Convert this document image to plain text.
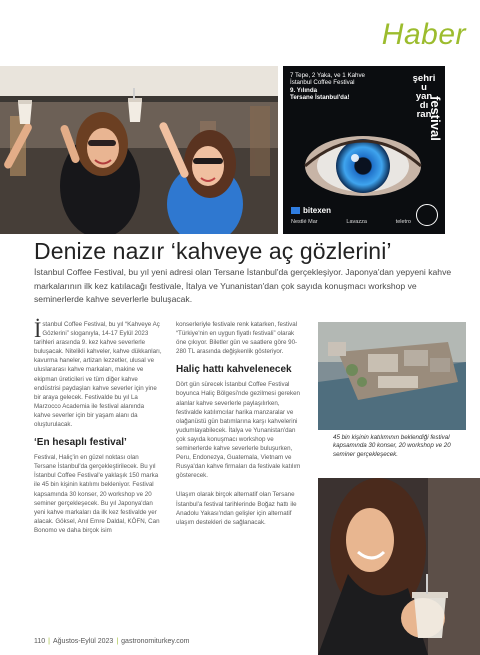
Haber
7 Tepe, 2 Yaka, ve 1 Kahve
İstanbul Coffee Festival
9. Yılında
Tersane İstanbul'da!
şehri
u
yan
dı
ran
festival
bitexen
Nestlé Mar	Lavazza	teletro
Denize nazır ‘kahveye aç gözlerini’
İstanbul Coffee Festival, bu yıl yeni adresi olan Tersane İstanbul'da gerçekleşiyor. Japonya'dan yepyeni kahve markalarının ilk kez katılacağı festivale, İtalya ve Yunanistan'dan çok sayıda konuşmacı workshop ve seminerlerde kahve severlerle buluşacak.

İstanbul Coffee Festival, bu yıl “Kahveye Aç Gözlerini” sloganıyla, 14-17 Eylül 2023 tarihleri arasında 9. kez kahve severlerle buluşacak. Nitelikli kahveler, kahve dükkanları, kavurma haneler, artizan lezzetler, ulusal ve uluslararası kahve markaları, makine ve ekipman üreticileri ve tüm diğer kahve endüstrisi paydaşları kahve severler için yine bir araya gelecek. Festivalde bu yıl La Marzocco Academia ile festival alanında kahve severler için bir yaşam alanı da oluşturulacak.

‘En hesaplı festival’

Festival, Haliç'in en güzel noktası olan Tersane İstanbul'da gerçekleştirilecek. Bu yıl İstanbul Coffee Festival'e yaklaşık 150 marka ile 45 bin kişinin katılımı bekleniyor. Festival kapsamında 30 konser, 20 workshop ve 20 seminer gerçekleşecek. Bu yıl Japonya'dan yeni kahve markaları da ilk kez festivalde yer alacak. Göksel, Anıl Emre Daldal, KÖFN, Can Bonomo ve daha birçok isim

konserleriyle festivale renk katarken, festival “Türkiye'nin en uygun fiyatlı festivali” olarak öne çıkıyor. Biletler gün ve saatlere göre 90-280 TL arasında değişkenlik gösteriyor.

Haliç hattı kahvelenecek

Dört gün sürecek İstanbul Coffee Festival boyunca Haliç Bölgesi'nde gezilmesi gereken alanlar kahve severlerle paylaşılırken, festivalde katılımcılar harika manzaralar ve olağanüstü gün batımlarına karşı kahvelerini yudumlayabilecek. İtalya ve Yunanistan'dan çok sayıda konuşmacı workshop ve seminerlerde kahve severlerle buluşurken, Peru, Endonezya, Guatemala, Vietnam ve Rusya'dan kahve firmaları da festivale katılım gösterecek.

Ulaşım olarak birçok alternatif olan Tersane İstanbul'a festival tarihlerinde Boğaz hattı ile Anadolu Yakası'ndan gelişler için alternatif ulaşım destekleri de sağlanacak.

45 bin kişinin katılımının beklendiği festival kapsamında 30 konser, 20 workshop ve 20 seminer gerçekleşecek.
110 | Ağustos-Eylül 2023 | gastronomiturkey.com
